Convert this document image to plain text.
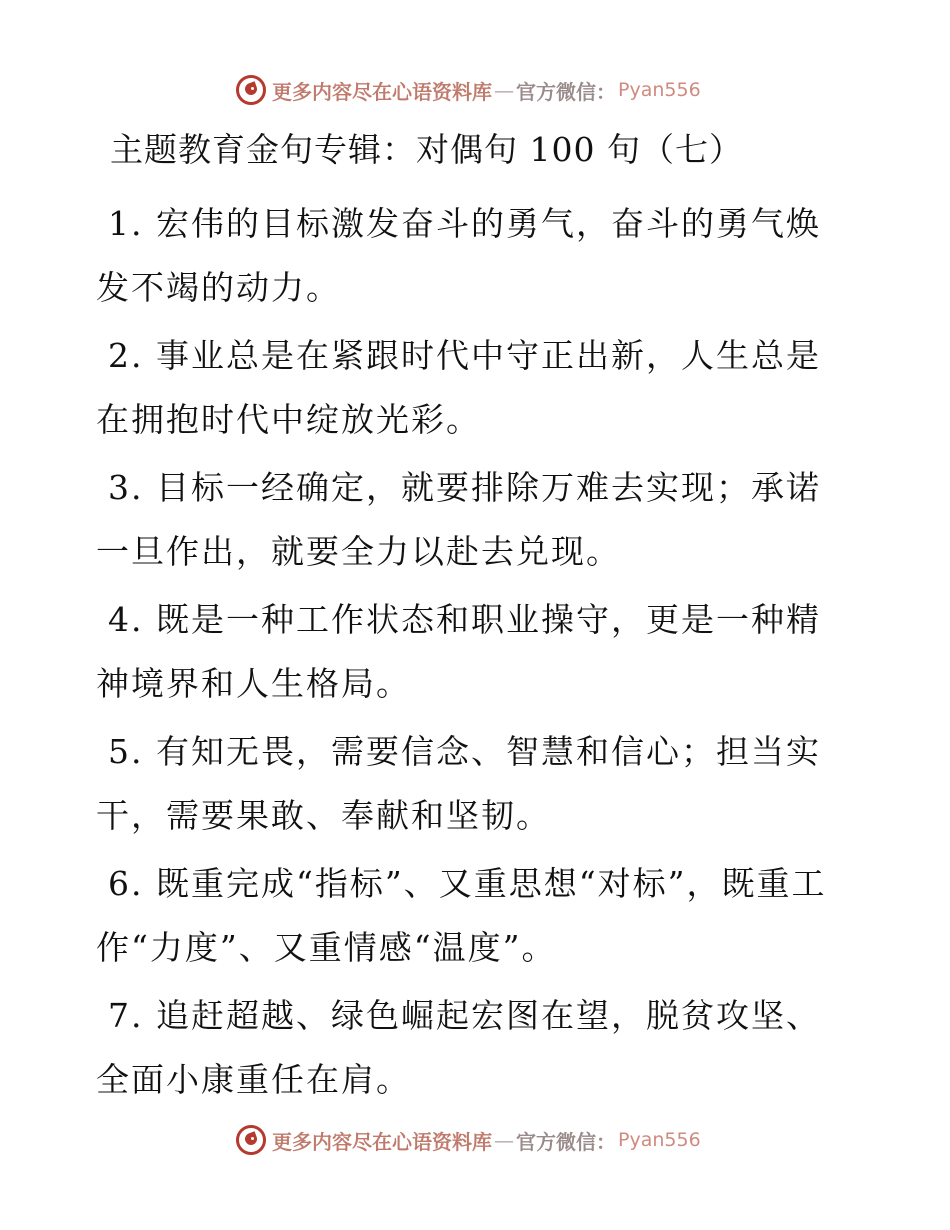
更多内容尽在心语资料库 — 官方微信： Pyan556
主题教育金句专辑：对偶句 100 句（七）

1. 宏伟的目标激发奋斗的勇气，奋斗的勇气焕发不竭的动力。

2. 事业总是在紧跟时代中守正出新，人生总是在拥抱时代中绽放光彩。

3. 目标一经确定，就要排除万难去实现；承诺一旦作出，就要全力以赴去兑现。

4. 既是一种工作状态和职业操守，更是一种精神境界和人生格局。

5. 有知无畏，需要信念、智慧和信心；担当实干，需要果敢、奉献和坚韧。

6. 既重完成“指标”、又重思想“对标”，既重工作“力度”、又重情感“温度”。

7. 追赶超越、绿色崛起宏图在望，脱贫攻坚、全面小康重任在肩。

更多内容尽在心语资料库 — 官方微信： Pyan556
